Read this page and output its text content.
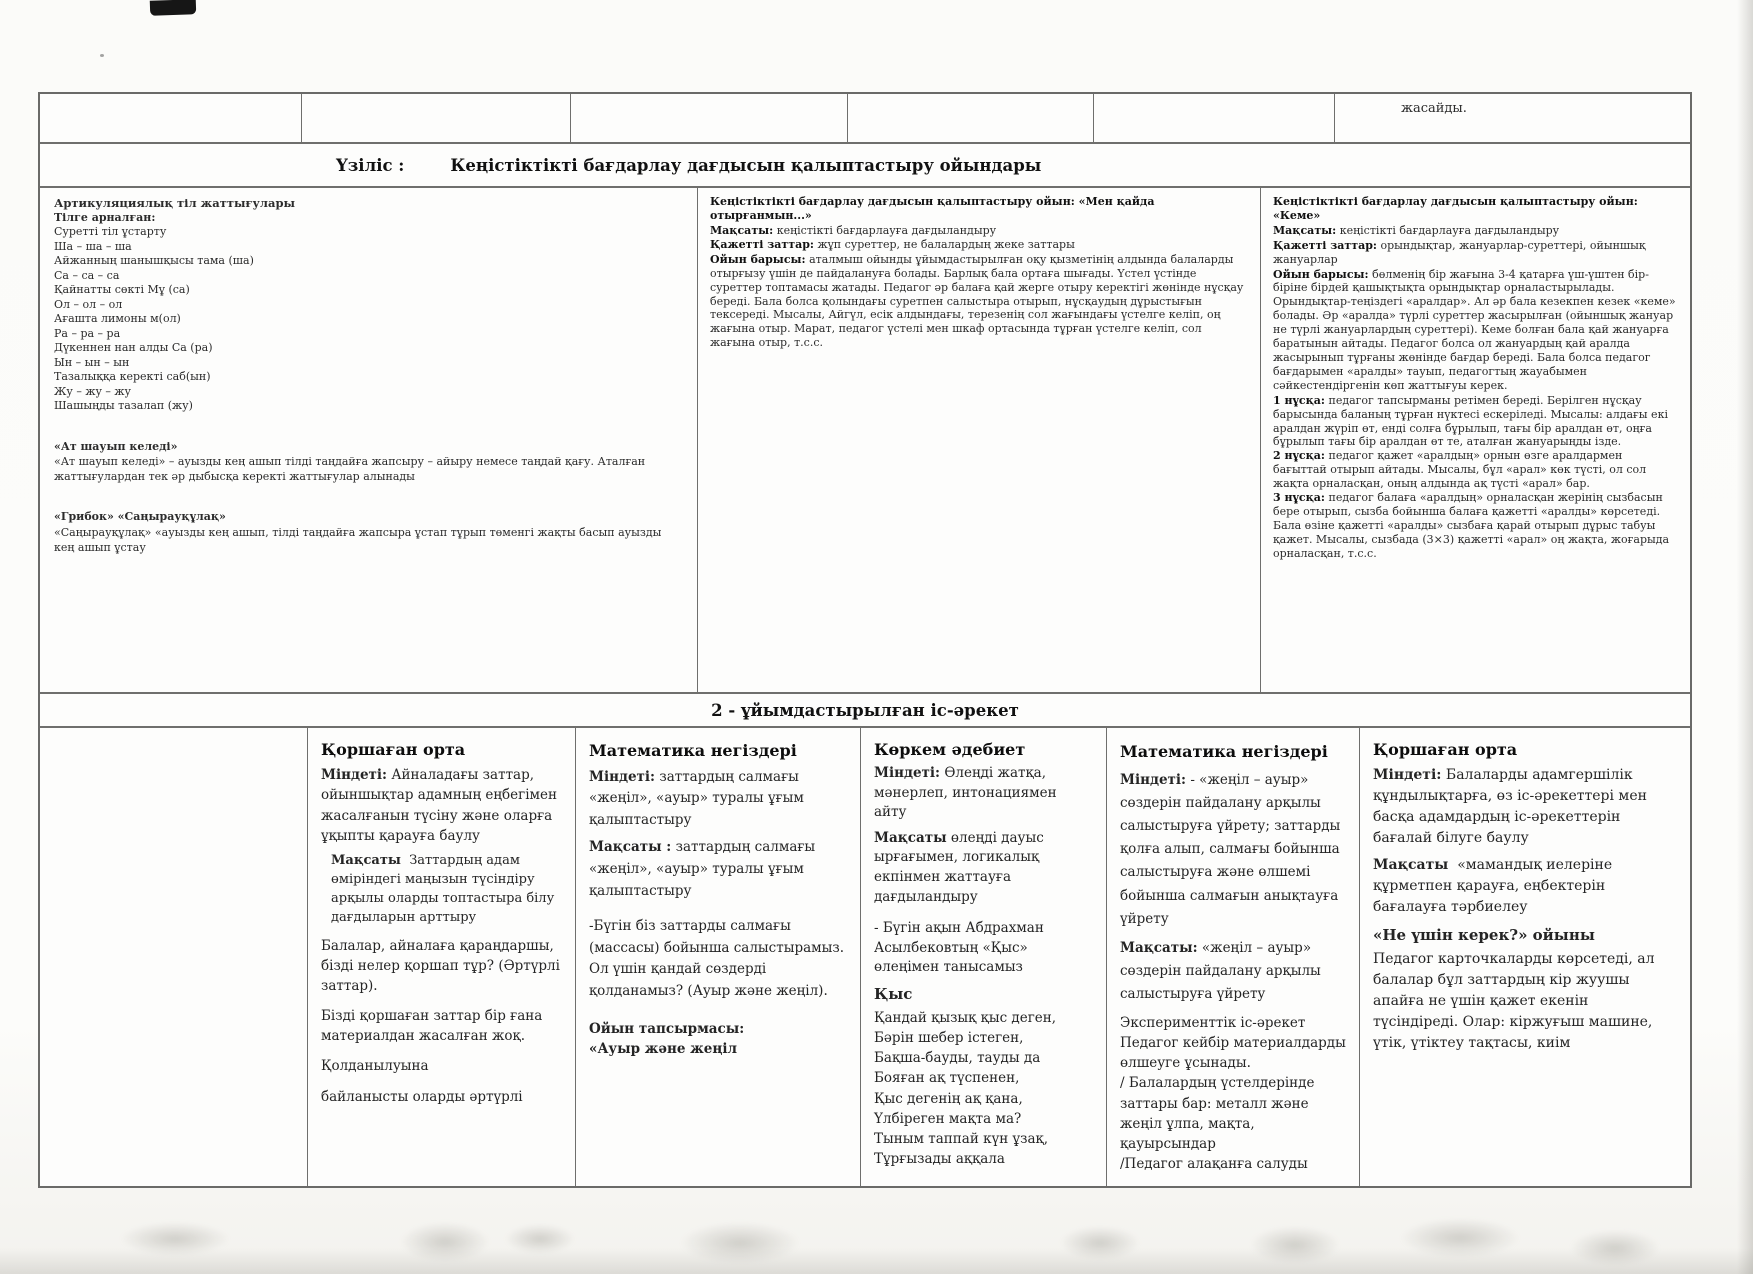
жасайды.
Үзіліс :	Кеңістіктікті бағдарлау дағдысын қалыптастыру ойындары
Артикуляциялық тіл жаттығулары
Тілге арналған:
Суретті тіл ұстарту
Ша – ша – ша
Айжанның шанышқысы тама (ша)
Са – са – са
Қайнатты сөкті Мұ (са)
Ол – ол – ол
Ағашта лимоны м(ол)
Ра – ра – ра
Дүкеннен нан алды Са (ра)
Ын – ын – ын
Тазалыққа керекті саб(ын)
Жу – жу – жу
Шашыңды тазалап (жу)
«Ат шауып келеді»
«Ат шауып келеді» – ауызды кең ашып тілді таңдайға жапсыру – айыру немесе таңдай қағу. Аталған жаттығулардан тек әр дыбысқа керекті жаттығулар алынады
«Грибок» «Саңырауқұлақ»
«Саңырауқұлақ» «ауызды кең ашып, тілді таңдайға жапсыра ұстап тұрып төменгі жақты басып ауызды кең ашып ұстау

Кеңістіктікті бағдарлау дағдысын қалыптастыру ойын: «Мен қайда отырғанмын...»

Мақсаты: кеңістікті бағдарлауға дағдыландыру

Қажетті заттар: жұп суреттер, не балалардың жеке заттары

Ойын барысы: аталмыш ойынды ұйымдастырылған оқу қызметінің алдында балаларды отырғызу үшін де пайдалануға болады. Барлық бала ортаға шығады. Үстел үстінде суреттер топтамасы жатады. Педагог әр балаға қай жерге отыру керектігі жөнінде нұсқау береді. Бала болса қолындағы суретпен салыстыра отырып, нұсқаудың дұрыстығын тексереді. Мысалы, Айгүл, есік алдындағы, терезенің сол жағындағы үстелге келіп, оң жағына отыр. Марат, педагог үстелі мен шкаф ортасында тұрған үстелге келіп, сол жағына отыр, т.с.с.

Кеңістіктікті бағдарлау дағдысын қалыптастыру ойын: «Кеме»

Мақсаты: кеңістікті бағдарлауға дағдыландыру

Қажетті заттар: орындықтар, жануарлар-суреттері, ойыншық жануарлар

Ойын барысы: бөлменің бір жағына 3-4 қатарға үш-үштен бір-біріне бірдей қашықтықта орындықтар орналастырылады. Орындықтар-теңіздегі «аралдар». Ал әр бала кезекпен кезек «кеме» болады. Әр «аралда» түрлі суреттер жасырылған (ойыншық жануар не түрлі жануарлардың суреттері). Кеме болған бала қай жануарға баратынын айтады. Педагог болса ол жануардың қай аралда жасырынып тұрғаны жөнінде бағдар береді. Бала болса педагог бағдарымен «аралды» тауып, педагогтың жауабымен сәйкестендіргенін көп жаттығуы керек.

1 нұсқа: педагог тапсырманы ретімен береді. Берілген нұсқау барысында баланың тұрған нүктесі ескеріледі. Мысалы: алдағы екі аралдан жүріп өт, енді солға бұрылып, тағы бір аралдан өт, оңға бұрылып тағы бір аралдан өт те, аталған жануарыңды ізде.

2 нұсқа: педагог қажет «аралдың» орнын өзге аралдармен бағыттай отырып айтады. Мысалы, бұл «арал» көк түсті, ол сол жақта орналасқан, оның алдында ақ түсті «арал» бар.

3 нұсқа: педагог балаға «аралдың» орналасқан жерінің сызбасын бере отырып, сызба бойынша балаға қажетті «аралды» көрсетеді. Бала өзіне қажетті «аралды» сызбаға қарай отырып дұрыс табуы қажет. Мысалы, сызбада (3×3) қажетті «арал» оң жақта, жоғарыда орналасқан, т.с.с.

2 - ұйымдастырылған іс-әрекет
Қоршаған орта

Міндеті: Айналадағы заттар, ойыншықтар адамның еңбегімен жасалғанын түсіну және оларға ұқыпты қарауға баулу

Мақсаты Заттардың адам өміріндегі маңызын түсіндіру арқылы оларды топтастыра білу дағдыларын арттыру
Балалар, айналаға қараңдаршы, бізді нелер қоршап тұр? (Әртүрлі заттар).
Бізді қоршаған заттар бір ғана материалдан жасалған жоқ.
Қолданылуына
байланысты оларды әртүрлі
Математика негіздері

Міндеті: заттардың салмағы «жеңіл», «ауыр» туралы ұғым қалыптастыру

Мақсаты : заттардың салмағы «жеңіл», «ауыр» туралы ұғым қалыптастыру

-Бүгін біз заттарды салмағы (массасы) бойынша салыстырамыз. Ол үшін қандай сөздерді қолданамыз? (Ауыр және жеңіл).

Ойын тапсырмасы:
«Ауыр және жеңіл
Көркем әдебиет

Міндеті: Өлеңді жатқа, мәнерлеп, интонациямен айту

Мақсаты өлеңді дауыс ырғағымен, логикалық екпінмен жаттауға дағдыландыру

- Бүгін ақын Абдрахман Асылбековтың «Қыс» өлеңімен танысамыз

Қыс
Қандай қызық қыс деген,
Бәрін шебер істеген,
Бақша-бауды, тауды да
Бояған ақ түспенен,
Қыс дегенің ақ қана,
Үлбіреген мақта ма?
Тыным таппай күн ұзақ,
Тұрғызады аққала
Математика негіздері

Міндеті: - «жеңіл – ауыр» сөздерін пайдалану арқылы салыстыруға үйрету; заттарды қолға алып, салмағы бойынша салыстыруға және өлшемі бойынша салмағын анықтауға үйрету

Мақсаты: «жеңіл – ауыр» сөздерін пайдалану арқылы салыстыруға үйрету

Эксперименттік іс-әрекет
Педагог кейбір материалдарды өлшеуге ұсынады.
/ Балалардың үстелдерінде заттары бар: металл және жеңіл ұлпа, мақта, қауырсындар
/Педагог алақанға салуды
Қоршаған орта

Міндеті: Балаларды адамгершілік құндылықтарға, өз іс-әрекеттері мен басқа адамдардың іс-әрекеттерін бағалай білуге баулу

Мақсаты «мамандық иелеріне құрметпен қарауға, еңбектерін бағалауға тәрбиелеу

«Не үшін керек?» ойыны

Педагог карточкаларды көрсетеді, ал балалар бұл заттардың кір жуушы апайға не үшін қажет екенін түсіндіреді. Олар: кіржуғыш машине, үтік, үтіктеу тақтасы, киім
